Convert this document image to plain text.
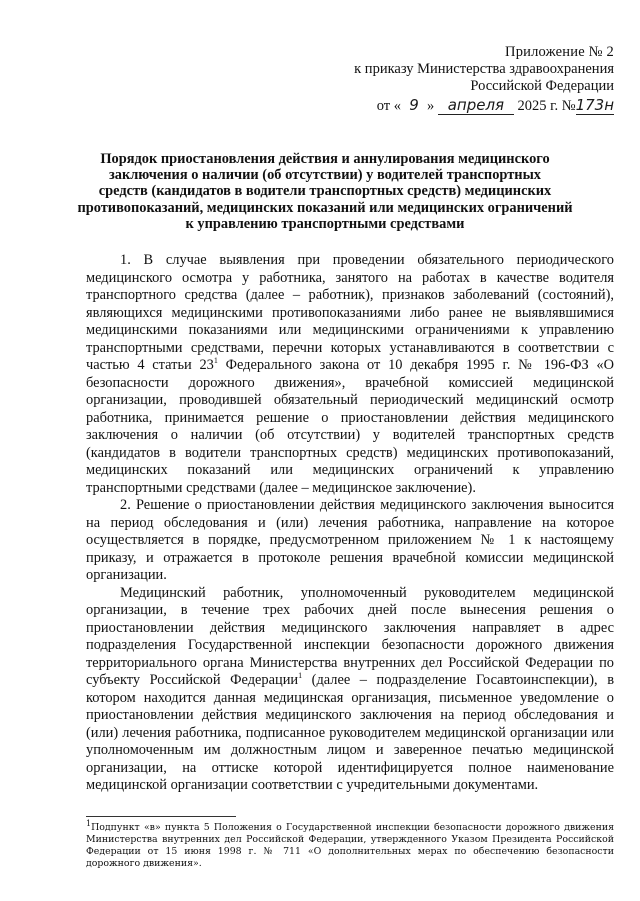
Приложение № 2
к приказу Министерства здравоохранения
Российской Федерации
от « 9 » апреля 2025 г. №173н
Порядок приостановления действия и аннулирования медицинского
заключения о наличии (об отсутствии) у водителей транспортных
средств (кандидатов в водители транспортных средств) медицинских
противопоказаний, медицинских показаний или медицинских ограничений
к управлению транспортными средствами

1. В случае выявления при проведении обязательного периодического медицинского осмотра у работника, занятого на работах в качестве водителя транспортного средства (далее – работник), признаков заболеваний (состояний), являющихся медицинскими противопоказаниями либо ранее не выявлявшимися медицинскими показаниями или медицинскими ограничениями к управлению транспортными средствами, перечни которых устанавливаются в соответствии с частью 4 статьи $23^1$ Федерального закона от 10 декабря 1995 г. № 196-ФЗ «О безопасности дорожного движения», врачебной комиссией медицинской организации, проводившей обязательный периодический медицинский осмотр работника, принимается решение о приостановлении действия медицинского заключения о наличии (об отсутствии) у водителей транспортных средств (кандидатов в водители транспортных средств) медицинских противопоказаний, медицинских показаний или медицинских ограничений к управлению транспортными средствами (далее – медицинское заключение).

2. Решение о приостановлении действия медицинского заключения выносится на период обследования и (или) лечения работника, направление на которое осуществляется в порядке, предусмотренном приложением № 1 к настоящему приказу, и отражается в протоколе решения врачебной комиссии медицинской организации.

Медицинский работник, уполномоченный руководителем медицинской организации, в течение трех рабочих дней после вынесения решения о приостановлении действия медицинского заключения направляет в адрес подразделения Государственной инспекции безопасности дорожного движения территориального органа Министерства внутренних дел Российской Федерации по субъекту Российской Федерации$^1$ (далее – подразделение Госавтоинспекции), в котором находится данная медицинская организация, письменное уведомление о приостановлении действия медицинского заключения на период обследования и (или) лечения работника, подписанное руководителем медицинской организации или уполномоченным им должностным лицом и заверенное печатью медицинской организации, на оттиске которой идентифицируется полное наименование медицинской организации соответствии с учредительными документами.

$^1$Подпункт «в» пункта 5 Положения о Государственной инспекции безопасности дорожного движения Министерства внутренних дел Российской Федерации, утвержденного Указом Президента Российской Федерации от 15 июня 1998 г. № 711 «О дополнительных мерах по обеспечению безопасности дорожного движения».
